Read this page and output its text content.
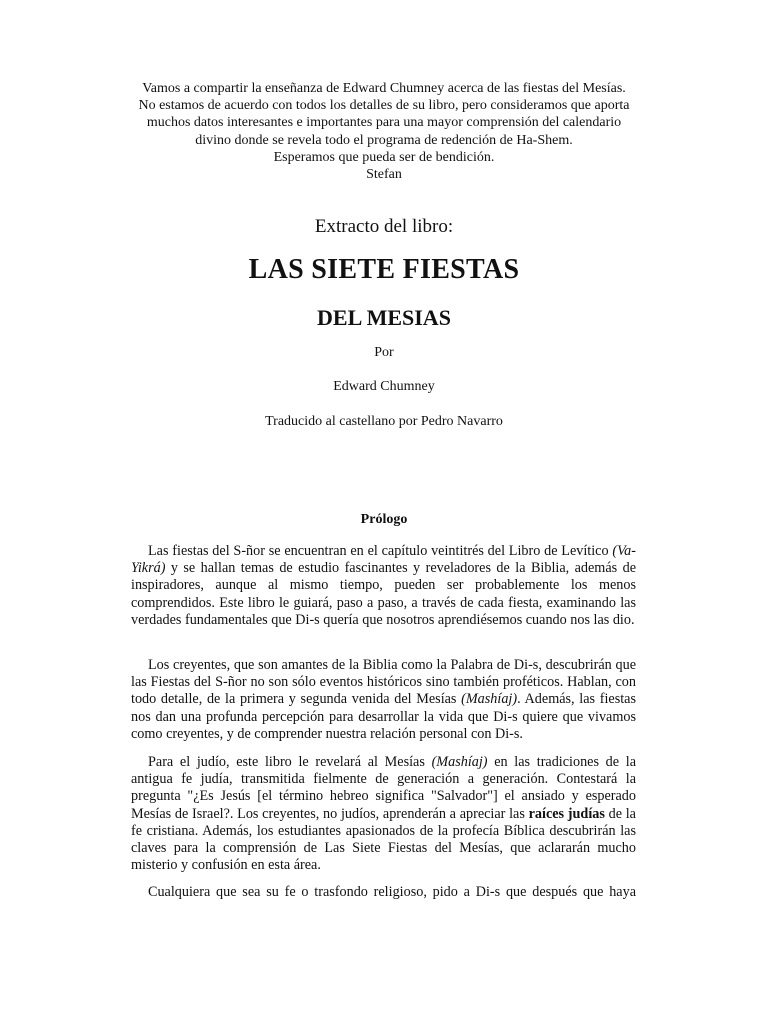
Vamos a compartir la enseñanza de Edward Chumney acerca de las fiestas del Mesías.
No estamos de acuerdo con todos los detalles de su libro, pero consideramos que aporta
muchos datos interesantes e importantes para una mayor comprensión del calendario
divino donde se revela todo el programa de redención de Ha-Shem.
Esperamos que pueda ser de bendición.
Stefan
Extracto del libro:
LAS SIETE FIESTAS
DEL MESIAS
Por
Edward Chumney
Traducido al castellano por Pedro Navarro
Prólogo

Las fiestas del S-ñor se encuentran en el capítulo veintitrés del Libro de Levítico (Va-Yikrá) y se hallan temas de estudio fascinantes y reveladores de la Biblia, además de inspiradores, aunque al mismo tiempo, pueden ser probablemente los menos comprendidos. Este libro le guiará, paso a paso, a través de cada fiesta, examinando las verdades fundamentales que Di-s quería que nosotros aprendiésemos cuando nos las dio.

Los creyentes, que son amantes de la Biblia como la Palabra de Di-s, descubrirán que las Fiestas del S-ñor no son sólo eventos históricos sino también proféticos. Hablan, con todo detalle, de la primera y segunda venida del Mesías (Mashíaj). Además, las fiestas nos dan una profunda percepción para desarrollar la vida que Di-s quiere que vivamos como creyentes, y de comprender nuestra relación personal con Di-s.

Para el judío, este libro le revelará al Mesías (Mashíaj) en las tradiciones de la antigua fe judía, transmitida fielmente de generación a generación. Contestará la pregunta "¿Es Jesús [el término hebreo significa "Salvador"] el ansiado y esperado Mesías de Israel?. Los creyentes, no judíos, aprenderán a apreciar las raíces judías de la fe cristiana. Además, los estudiantes apasionados de la profecía Bíblica descubrirán las claves para la comprensión de Las Siete Fiestas del Mesías, que aclararán mucho misterio y confusión en esta área.

Cualquiera que sea su fe o trasfondo religioso, pido a Di-s que después que haya
